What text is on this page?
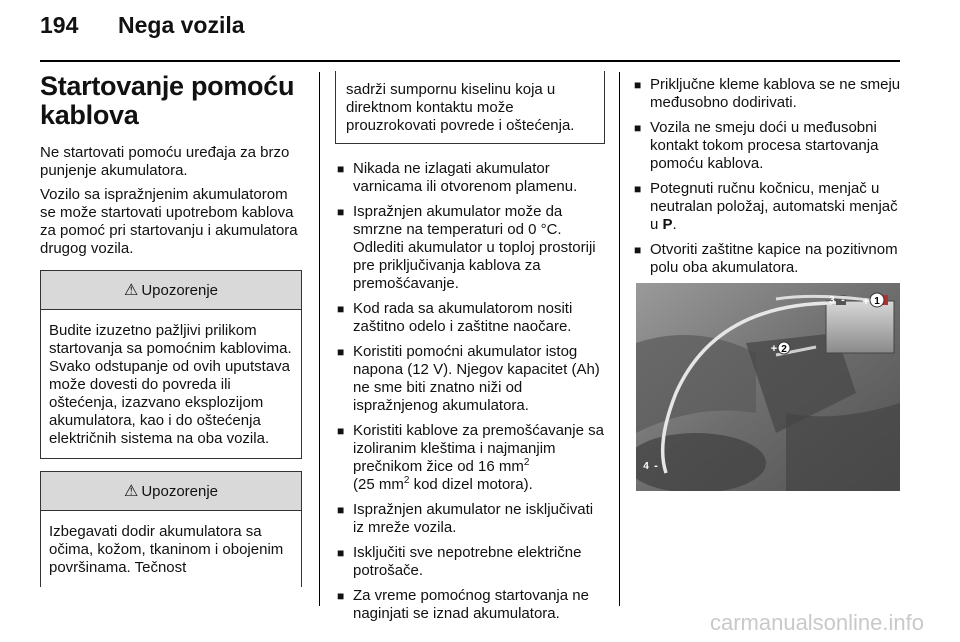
194 Nega vozila
Startovanje pomoću kablova

Ne startovati pomoću uređaja za brzo punjenje akumulatora.

Vozilo sa ispražnjenim akumulatorom se može startovati upotrebom kablova za pomoć pri startovanju i akumulatora drugog vozila.

⚠ Upozorenje
Budite izuzetno pažljivi prilikom startovanja sa pomoćnim kablovima. Svako odstupanje od ovih uputstava može dovesti do povreda ili oštećenja, izazvano eksplozijom akumulatora, kao i do oštećenja električnih sistema na oba vozila.
⚠ Upozorenje
Izbegavati dodir akumulatora sa očima, kožom, tkaninom i obojenim površinama. Tečnost
sadrži sumpornu kiselinu koja u direktnom kontaktu može prouzrokovati povrede i oštećenja.
■ Nikada ne izlagati akumulator varnicama ili otvorenom plamenu.
■ Ispražnjen akumulator može da smrzne na temperaturi od 0 °C. Odlediti akumulator u toploj prostoriji pre priključivanja kablova za premošćavanje.
■ Kod rada sa akumulatorom nositi zaštitno odelo i zaštitne naočare.
■ Koristiti pomoćni akumulator istog napona (12 V). Njegov kapacitet (Ah) ne sme biti znatno niži od ispražnjenog akumulatora.
■ Koristiti kablove za premošćavanje sa izoliranim kleštima i najmanjim prečnikom žice od 16 $mm^2$
(25 $mm^2$ kod dizel motora).
■ Ispražnjen akumulator ne isključivati iz mreže vozila.
■ Isključiti sve nepotrebne električne potrošače.
■ Za vreme pomoćnog startovanja ne naginjati se iznad akumulatora.
■ Priključne kleme kablova se ne smeju međusobno dodirivati.
■ Vozila ne smeju doći u međusobni kontakt tokom procesa startovanja pomoću kablova.
■ Potegnuti ručnu kočnicu, menjač u neutralan položaj, automatski menjač u P.
■ Otvoriti zaštitne kapice na pozitivnom polu oba akumulatora.
1
+
3 -
2
+
4 -
carmanualsonline.info
